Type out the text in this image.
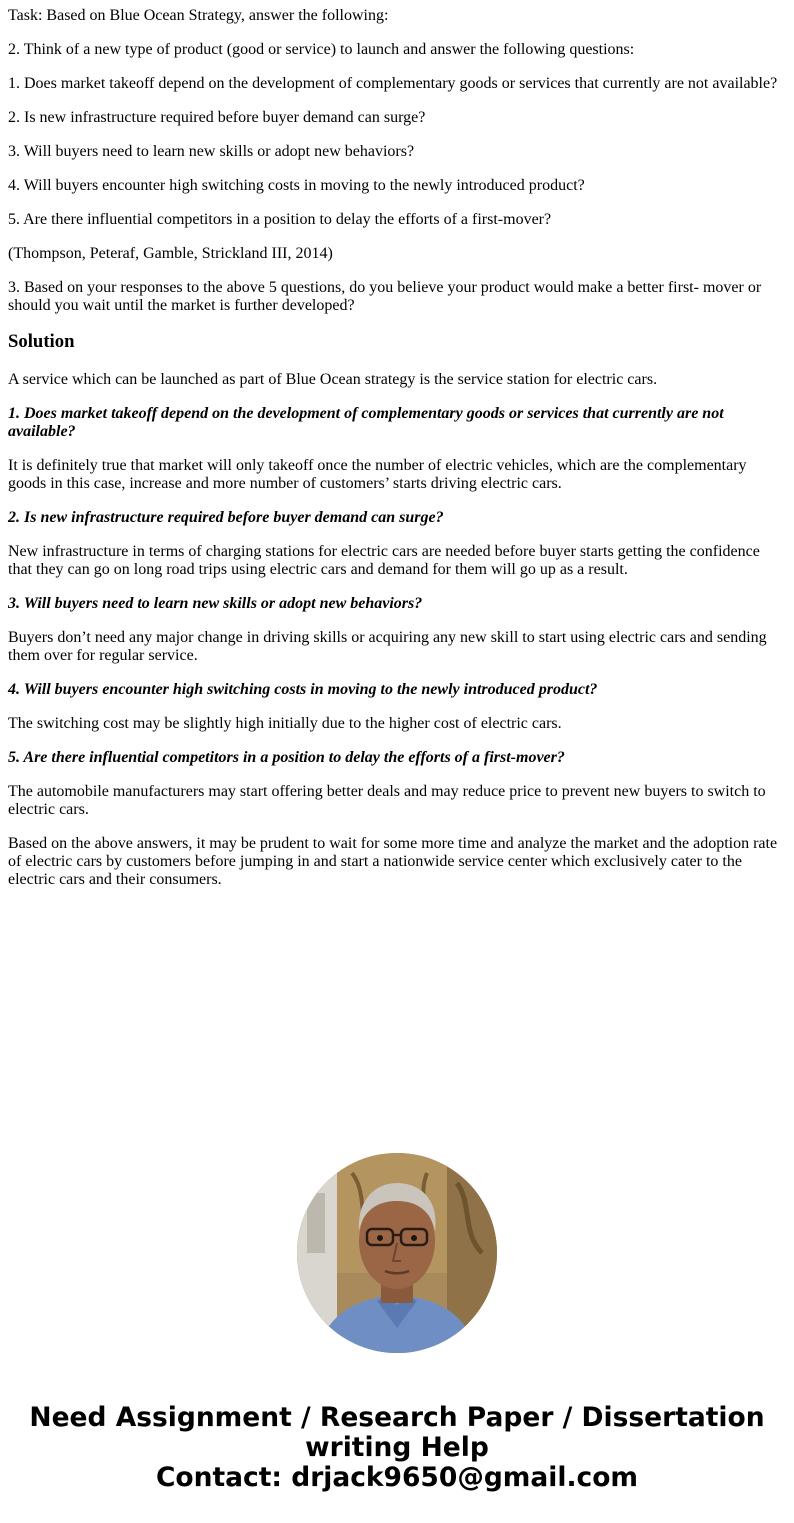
Task: Based on Blue Ocean Strategy, answer the following:

2. Think of a new type of product (good or service) to launch and answer the following questions:

1. Does market takeoff depend on the development of complementary goods or services that currently are not available?

2. Is new infrastructure required before buyer demand can surge?

3. Will buyers need to learn new skills or adopt new behaviors?

4. Will buyers encounter high switching costs in moving to the newly introduced product?

5. Are there influential competitors in a position to delay the efforts of a first-mover?

(Thompson, Peteraf, Gamble, Strickland III, 2014)

3. Based on your responses to the above 5 questions, do you believe your product would make a better first- mover or should you wait until the market is further developed?

Solution

A service which can be launched as part of Blue Ocean strategy is the service station for electric cars.

1. Does market takeoff depend on the development of complementary goods or services that currently are not available?

It is definitely true that market will only takeoff once the number of electric vehicles, which are the complementary goods in this case, increase and more number of customers’ starts driving electric cars.

2. Is new infrastructure required before buyer demand can surge?

New infrastructure in terms of charging stations for electric cars are needed before buyer starts getting the confidence that they can go on long road trips using electric cars and demand for them will go up as a result.

3. Will buyers need to learn new skills or adopt new behaviors?

Buyers don’t need any major change in driving skills or acquiring any new skill to start using electric cars and sending them over for regular service.

4. Will buyers encounter high switching costs in moving to the newly introduced product?

The switching cost may be slightly high initially due to the higher cost of electric cars.

5. Are there influential competitors in a position to delay the efforts of a first-mover?

The automobile manufacturers may start offering better deals and may reduce price to prevent new buyers to switch to electric cars.

Based on the above answers, it may be prudent to wait for some more time and analyze the market and the adoption rate of electric cars by customers before jumping in and start a nationwide service center which exclusively cater to the electric cars and their consumers.

Need Assignment / Research Paper / Dissertation
writing Help
Contact: drjack9650@gmail.com
